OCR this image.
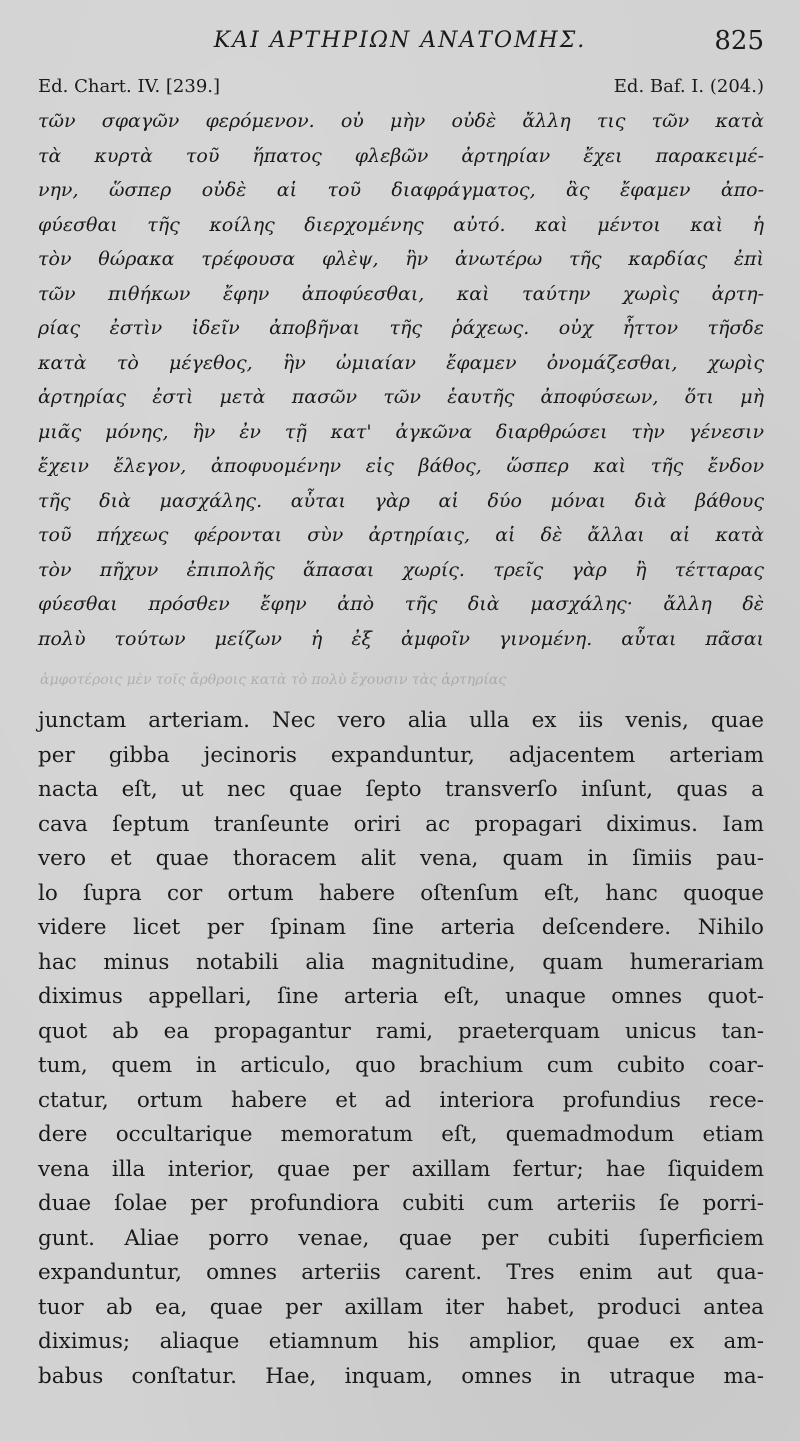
ΚΑΙ ΑΡΤΗΡΙΩΝ ΑΝΑΤΟΜΗΣ.	825
Ed. Chart. IV. [239.]	Ed. Baf. I. (204.)
τῶν σφαγῶν φερόμενον. οὐ μὴν οὐδὲ ἄλλη τις τῶν κατὰ
τὰ κυρτὰ τοῦ ἥπατος φλεβῶν ἀρτηρίαν ἔχει παρακειμέ-
νην, ὥσπερ οὐδὲ αἱ τοῦ διαφράγματος, ἃς ἔφαμεν ἀπο-
φύεσθαι τῆς κοίλης διερχομένης αὐτό. καὶ μέντοι καὶ ἡ
τὸν θώρακα τρέφουσα φλὲψ, ἣν ἀνωτέρω τῆς καρδίας ἐπὶ
τῶν πιθήκων ἔφην ἀποφύεσθαι, καὶ ταύτην χωρὶς ἀρτη-
ρίας ἐστὶν ἰδεῖν ἀποβῆναι τῆς ῥάχεως. οὐχ ἧττον τῆσδε
κατὰ τὸ μέγεθος, ἣν ὠμιαίαν ἔφαμεν ὀνομάζεσθαι, χωρὶς
ἀρτηρίας ἐστὶ μετὰ πασῶν τῶν ἑαυτῆς ἀποφύσεων, ὅτι μὴ
μιᾶς μόνης, ἣν ἐν τῇ κατ' ἀγκῶνα διαρθρώσει τὴν γένεσιν
ἔχειν ἔλεγον, ἀποφυομένην εἰς βάθος, ὥσπερ καὶ τῆς ἔνδον
τῆς διὰ μασχάλης. αὗται γὰρ αἱ δύο μόναι διὰ βάθους
τοῦ πήχεως φέρονται σὺν ἀρτηρίαις, αἱ δὲ ἄλλαι αἱ κατὰ
τὸν πῆχυν ἐπιπολῆς ἅπασαι χωρίς. τρεῖς γὰρ ἢ τέτταρας
φύεσθαι πρόσθεν ἔφην ἀπὸ τῆς διὰ μασχάλης· ἄλλη δὲ
πολὺ τούτων μείζων ἡ ἐξ ἀμφοῖν γινομένη. αὗται πᾶσαι
ἀμφοτέροις μὲν τοῖς ἄρθροις κατὰ τὸ πολὺ ἔχουσιν τὰς ἀρτηρίας
junctam arteriam. Nec vero alia ulla ex iis venis, quae
per gibba jecinoris expanduntur, adjacentem arteriam
nacta eſt, ut nec quae ſepto transverſo inſunt, quas a
cava ſeptum tranſeunte oriri ac propagari diximus. Iam
vero et quae thoracem alit vena, quam in ſimiis pau-
lo ſupra cor ortum habere oſtenſum eſt, hanc quoque
videre licet per ſpinam ſine arteria deſcendere. Nihilo
hac minus notabili alia magnitudine, quam humerariam
diximus appellari, ſine arteria eſt, unaque omnes quot-
quot ab ea propagantur rami, praeterquam unicus tan-
tum, quem in articulo, quo brachium cum cubito coar-
ctatur, ortum habere et ad interiora profundius rece-
dere occultarique memoratum eſt, quemadmodum etiam
vena illa interior, quae per axillam fertur; hae ſiquidem
duae ſolae per profundiora cubiti cum arteriis ſe porri-
gunt. Aliae porro venae, quae per cubiti ſuperficiem
expanduntur, omnes arteriis carent. Tres enim aut qua-
tuor ab ea, quae per axillam iter habet, produci antea
diximus; aliaque etiamnum his amplior, quae ex am-
babus conſtatur. Hae, inquam, omnes in utraque ma-
